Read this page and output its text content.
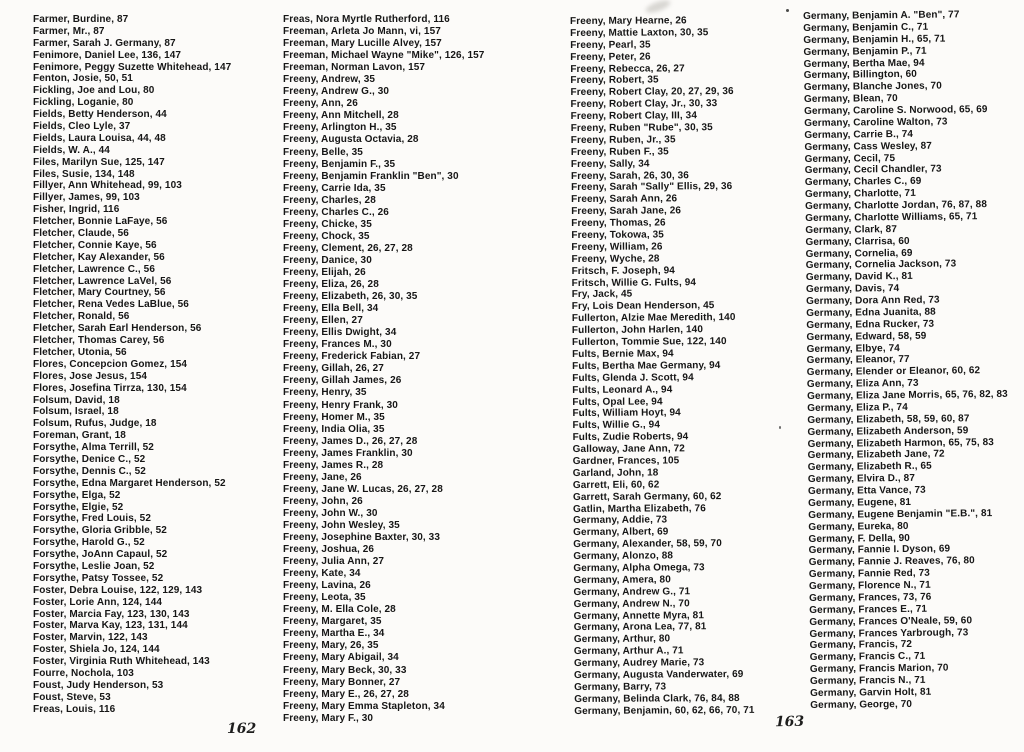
Farmer, Burdine, 87
Farmer, Mr., 87
Farmer, Sarah J. Germany, 87
Fenimore, Daniel Lee, 136, 147
Fenimore, Peggy Suzette Whitehead, 147
Fenton, Josie, 50, 51
Fickling, Joe and Lou, 80
Fickling, Loganie, 80
Fields, Betty Henderson, 44
Fields, Cleo Lyle, 37
Fields, Laura Louisa, 44, 48
Fields, W. A., 44
Files, Marilyn Sue, 125, 147
Files, Susie, 134, 148
Fillyer, Ann Whitehead, 99, 103
Fillyer, James, 99, 103
Fisher, Ingrid, 116
Fletcher, Bonnie LaFaye, 56
Fletcher, Claude, 56
Fletcher, Connie Kaye, 56
Fletcher, Kay Alexander, 56
Fletcher, Lawrence C., 56
Fletcher, Lawrence LaVel, 56
Fletcher, Mary Courtney, 56
Fletcher, Rena Vedes LaBlue, 56
Fletcher, Ronald, 56
Fletcher, Sarah Earl Henderson, 56
Fletcher, Thomas Carey, 56
Fletcher, Utonia, 56
Flores, Concepcion Gomez, 154
Flores, Jose Jesus, 154
Flores, Josefina Tirrza, 130, 154
Folsum, David, 18
Folsum, Israel, 18
Folsum, Rufus, Judge, 18
Foreman, Grant, 18
Forsythe, Alma Terrill, 52
Forsythe, Denice C., 52
Forsythe, Dennis C., 52
Forsythe, Edna Margaret Henderson, 52
Forsythe, Elga, 52
Forsythe, Elgie, 52
Forsythe, Fred Louis, 52
Forsythe, Gloria Gribble, 52
Forsythe, Harold G., 52
Forsythe, JoAnn Capaul, 52
Forsythe, Leslie Joan, 52
Forsythe, Patsy Tossee, 52
Foster, Debra Louise, 122, 129, 143
Foster, Lorie Ann, 124, 144
Foster, Marcia Fay, 123, 130, 143
Foster, Marva Kay, 123, 131, 144
Foster, Marvin, 122, 143
Foster, Shiela Jo, 124, 144
Foster, Virginia Ruth Whitehead, 143
Fourre, Nochola, 103
Foust, Judy Henderson, 53
Foust, Steve, 53
Freas, Louis, 116
Freas, Nora Myrtle Rutherford, 116
Freeman, Arleta Jo Mann, vi, 157
Freeman, Mary Lucille Alvey, 157
Freeman, Michael Wayne "Mike", 126, 157
Freeman, Norman Lavon, 157
Freeny, Andrew, 35
Freeny, Andrew G., 30
Freeny, Ann, 26
Freeny, Ann Mitchell, 28
Freeny, Arlington H., 35
Freeny, Augusta Octavia, 28
Freeny, Belle, 35
Freeny, Benjamin F., 35
Freeny, Benjamin Franklin "Ben", 30
Freeny, Carrie Ida, 35
Freeny, Charles, 28
Freeny, Charles C., 26
Freeny, Chicke, 35
Freeny, Chock, 35
Freeny, Clement, 26, 27, 28
Freeny, Danice, 30
Freeny, Elijah, 26
Freeny, Eliza, 26, 28
Freeny, Elizabeth, 26, 30, 35
Freeny, Ella Bell, 34
Freeny, Ellen, 27
Freeny, Ellis Dwight, 34
Freeny, Frances M., 30
Freeny, Frederick Fabian, 27
Freeny, Gillah, 26, 27
Freeny, Gillah James, 26
Freeny, Henry, 35
Freeny, Henry Frank, 30
Freeny, Homer M., 35
Freeny, India Olia, 35
Freeny, James D., 26, 27, 28
Freeny, James Franklin, 30
Freeny, James R., 28
Freeny, Jane, 26
Freeny, Jane W. Lucas, 26, 27, 28
Freeny, John, 26
Freeny, John W., 30
Freeny, John Wesley, 35
Freeny, Josephine Baxter, 30, 33
Freeny, Joshua, 26
Freeny, Julia Ann, 27
Freeny, Kate, 34
Freeny, Lavina, 26
Freeny, Leota, 35
Freeny, M. Ella Cole, 28
Freeny, Margaret, 35
Freeny, Martha E., 34
Freeny, Mary, 26, 35
Freeny, Mary Abigail, 34
Freeny, Mary Beck, 30, 33
Freeny, Mary Bonner, 27
Freeny, Mary E., 26, 27, 28
Freeny, Mary Emma Stapleton, 34
Freeny, Mary F., 30
Freeny, Mary Hearne, 26
Freeny, Mattie Laxton, 30, 35
Freeny, Pearl, 35
Freeny, Peter, 26
Freeny, Rebecca, 26, 27
Freeny, Robert, 35
Freeny, Robert Clay, 20, 27, 29, 36
Freeny, Robert Clay, Jr., 30, 33
Freeny, Robert Clay, III, 34
Freeny, Ruben "Rube", 30, 35
Freeny, Ruben, Jr., 35
Freeny, Ruben F., 35
Freeny, Sally, 34
Freeny, Sarah, 26, 30, 36
Freeny, Sarah "Sally" Ellis, 29, 36
Freeny, Sarah Ann, 26
Freeny, Sarah Jane, 26
Freeny, Thomas, 26
Freeny, Tokowa, 35
Freeny, William, 26
Freeny, Wyche, 28
Fritsch, F. Joseph, 94
Fritsch, Willie G. Fults, 94
Fry, Jack, 45
Fry, Lois Dean Henderson, 45
Fullerton, Alzie Mae Meredith, 140
Fullerton, John Harlen, 140
Fullerton, Tommie Sue, 122, 140
Fults, Bernie Max, 94
Fults, Bertha Mae Germany, 94
Fults, Glenda J. Scott, 94
Fults, Leonard A., 94
Fults, Opal Lee, 94
Fults, William Hoyt, 94
Fults, Willie G., 94
Fults, Zudie Roberts, 94
Galloway, Jane Ann, 72
Gardner, Frances, 105
Garland, John, 18
Garrett, Eli, 60, 62
Garrett, Sarah Germany, 60, 62
Gatlin, Martha Elizabeth, 76
Germany, Addie, 73
Germany, Albert, 69
Germany, Alexander, 58, 59, 70
Germany, Alonzo, 88
Germany, Alpha Omega, 73
Germany, Amera, 80
Germany, Andrew G., 71
Germany, Andrew N., 70
Germany, Annette Myra, 81
Germany, Arona Lea, 77, 81
Germany, Arthur, 80
Germany, Arthur A., 71
Germany, Audrey Marie, 73
Germany, Augusta Vanderwater, 69
Germany, Barry, 73
Germany, Belinda Clark, 76, 84, 88
Germany, Benjamin, 60, 62, 66, 70, 71
Germany, Benjamin A. "Ben", 77
Germany, Benjamin C., 71
Germany, Benjamin H., 65, 71
Germany, Benjamin P., 71
Germany, Bertha Mae, 94
Germany, Billington, 60
Germany, Blanche Jones, 70
Germany, Blean, 70
Germany, Caroline S. Norwood, 65, 69
Germany, Caroline Walton, 73
Germany, Carrie B., 74
Germany, Cass Wesley, 87
Germany, Cecil, 75
Germany, Cecil Chandler, 73
Germany, Charles C., 69
Germany, Charlotte, 71
Germany, Charlotte Jordan, 76, 87, 88
Germany, Charlotte Williams, 65, 71
Germany, Clark, 87
Germany, Clarrisa, 60
Germany, Cornelia, 69
Germany, Cornelia Jackson, 73
Germany, David K., 81
Germany, Davis, 74
Germany, Dora Ann Red, 73
Germany, Edna Juanita, 88
Germany, Edna Rucker, 73
Germany, Edward, 58, 59
Germany, Elbye, 74
Germany, Eleanor, 77
Germany, Elender or Eleanor, 60, 62
Germany, Eliza Ann, 73
Germany, Eliza Jane Morris, 65, 76, 82, 83
Germany, Eliza P., 74
Germany, Elizabeth, 58, 59, 60, 87
Germany, Elizabeth Anderson, 59
Germany, Elizabeth Harmon, 65, 75, 83
Germany, Elizabeth Jane, 72
Germany, Elizabeth R., 65
Germany, Elvira D., 87
Germany, Etta Vance, 73
Germany, Eugene, 81
Germany, Eugene Benjamin "E.B.", 81
Germany, Eureka, 80
Germany, F. Della, 90
Germany, Fannie I. Dyson, 69
Germany, Fannie J. Reaves, 76, 80
Germany, Fannie Red, 73
Germany, Florence N., 71
Germany, Frances, 73, 76
Germany, Frances E., 71
Germany, Frances O'Neale, 59, 60
Germany, Frances Yarbrough, 73
Germany, Francis, 72
Germany, Francis C., 71
Germany, Francis Marion, 70
Germany, Francis N., 71
Germany, Garvin Holt, 81
Germany, George, 70
162	163
